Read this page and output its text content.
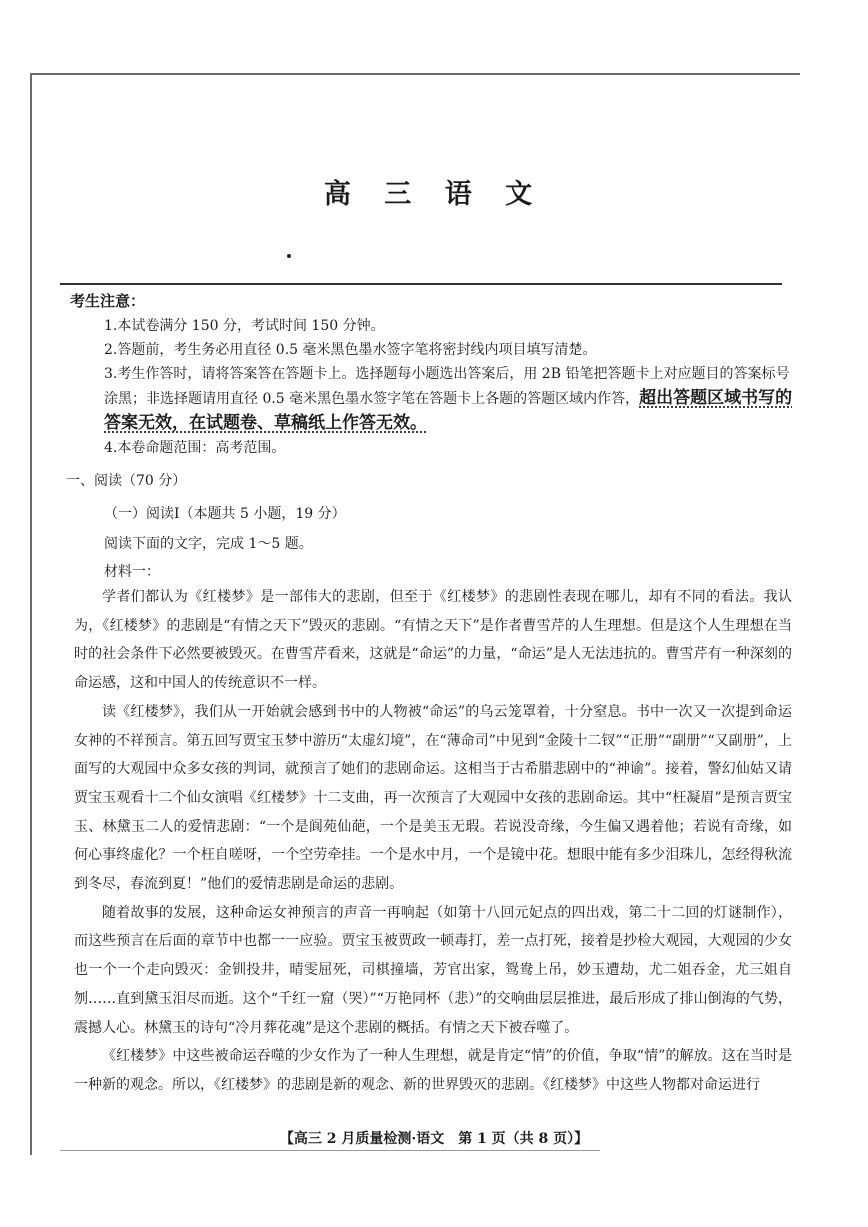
高 三 语 文
考生注意：

1.本试卷满分 150 分，考试时间 150 分钟。

2.答题前，考生务必用直径 0.5 毫米黑色墨水签字笔将密封线内项目填写清楚。

3.考生作答时，请将答案答在答题卡上。选择题每小题选出答案后，用 2B 铅笔把答题卡上对应题目的答案标号涂黑；非选择题请用直径 0.5 毫米黑色墨水签字笔在答题卡上各题的答题区域内作答，超出答题区域书写的答案无效，在试题卷、草稿纸上作答无效。

4.本卷命题范围：高考范围。

一、阅读（70 分）
（一）阅读Ⅰ（本题共 5 小题，19 分）
阅读下面的文字，完成 1～5 题。
材料一：

学者们都认为《红楼梦》是一部伟大的悲剧，但至于《红楼梦》的悲剧性表现在哪儿，却有不同的看法。我认为，《红楼梦》的悲剧是“有情之天下”毁灭的悲剧。“有情之天下”是作者曹雪芹的人生理想。但是这个人生理想在当时的社会条件下必然要被毁灭。在曹雪芹看来，这就是“命运”的力量，“命运”是人无法违抗的。曹雪芹有一种深刻的命运感，这和中国人的传统意识不一样。

读《红楼梦》，我们从一开始就会感到书中的人物被“命运”的乌云笼罩着，十分窒息。书中一次又一次提到命运女神的不祥预言。第五回写贾宝玉梦中游历“太虚幻境”，在“薄命司”中见到“金陵十二钗”“正册”“副册”“又副册”，上面写的大观园中众多女孩的判词，就预言了她们的悲剧命运。这相当于古希腊悲剧中的“神谕”。接着，警幻仙姑又请贾宝玉观看十二个仙女演唱《红楼梦》十二支曲，再一次预言了大观园中女孩的悲剧命运。其中“枉凝眉”是预言贾宝玉、林黛玉二人的爱情悲剧：“一个是阆苑仙葩，一个是美玉无瑕。若说没奇缘，今生偏又遇着他；若说有奇缘，如何心事终虚化？一个枉自嗟呀，一个空劳牵挂。一个是水中月，一个是镜中花。想眼中能有多少泪珠儿，怎经得秋流到冬尽，春流到夏！”他们的爱情悲剧是命运的悲剧。

随着故事的发展，这种命运女神预言的声音一再响起（如第十八回元妃点的四出戏，第二十二回的灯谜制作），而这些预言在后面的章节中也都一一应验。贾宝玉被贾政一顿毒打，差一点打死，接着是抄检大观园，大观园的少女也一个一个走向毁灭：金钏投井，晴雯屈死，司棋撞墙，芳官出家，鸳鸯上吊，妙玉遭劫，尤二姐吞金，尤三姐自刎……直到黛玉泪尽而逝。这个“千红一窟（哭）”“万艳同杯（悲）”的交响曲层层推进，最后形成了排山倒海的气势，震撼人心。林黛玉的诗句“冷月葬花魂”是这个悲剧的概括。有情之天下被吞噬了。

《红楼梦》中这些被命运吞噬的少女作为了一种人生理想，就是肯定“情”的价值，争取“情”的解放。这在当时是一种新的观念。所以，《红楼梦》的悲剧是新的观念、新的世界毁灭的悲剧。《红楼梦》中这些人物都对命运进行

【高三 2 月质量检测·语文　第 1 页（共 8 页）】
